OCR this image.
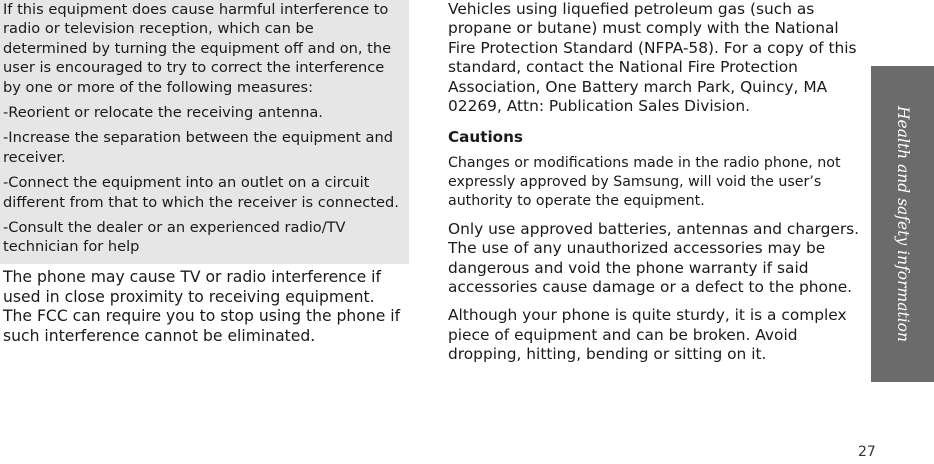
If this equipment does cause harmful interference to radio or television reception, which can be determined by turning the equipment off and on, the user is encouraged to try to correct the interference by one or more of the following measures:

-Reorient or relocate the receiving antenna.

-Increase the separation between the equipment and receiver.

-Connect the equipment into an outlet on a circuit different from that to which the receiver is connected.

-Consult the dealer or an experienced radio/TV technician for help

The phone may cause TV or radio interference if used in close proximity to receiving equipment. The FCC can require you to stop using the phone if such interference cannot be eliminated.

Vehicles using liquefied petroleum gas (such as propane or butane) must comply with the National Fire Protection Standard (NFPA-58). For a copy of this standard, contact the National Fire Protection Association, One Battery march Park, Quincy, MA 02269, Attn: Publication Sales Division.

Cautions

Changes or modifications made in the radio phone, not expressly approved by Samsung, will void the user’s authority to operate the equipment.

Only use approved batteries, antennas and chargers. The use of any unauthorized accessories may be dangerous and void the phone warranty if said accessories cause damage or a defect to the phone.

Although your phone is quite sturdy, it is a complex piece of equipment and can be broken. Avoid dropping, hitting, bending or sitting on it.

Health and safety information
27
